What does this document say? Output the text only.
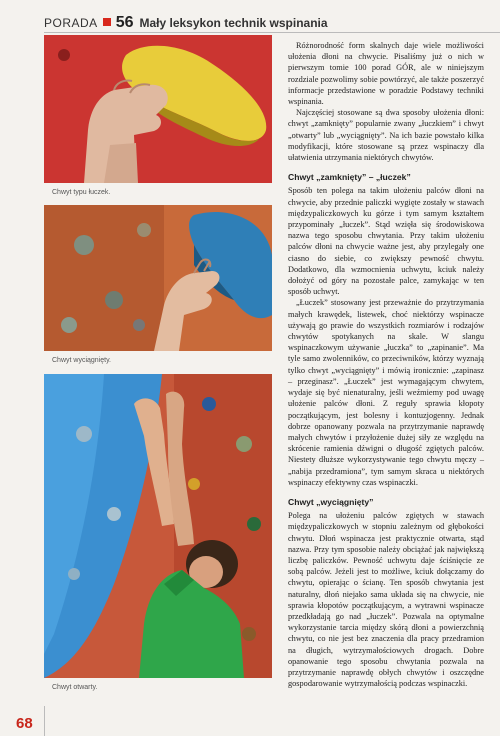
PORADA 56 Mały leksykon technik wspinania
Chwyt typu łuczek.
Chwyt wyciągnięty.
Chwyt otwarty.

Różnorodność form skalnych daje wiele możliwości ułożenia dłoni na chwycie. Pisaliśmy już o nich w pierwszym tomie 100 porad GÓR, ale w niniejszym rozdziale pozwolimy sobie powtórzyć, ale także poszerzyć informacje przedstawione w poradzie Podstawy techniki wspinania.

Najczęściej stosowane są dwa sposoby ułożenia dłoni: chwyt „zamknięty” popularnie zwany „łuczkiem” i chwyt „otwarty” lub „wyciągnięty”. Na ich bazie powstało kilka modyfikacji, które stosowane są przez wspinaczy dla ułatwienia utrzymania niektórych chwytów.

Chwyt „zamknięty” – „łuczek”

Sposób ten polega na takim ułożeniu palców dłoni na chwycie, aby przednie paliczki wygięte zostały w stawach międzypaliczkowych ku górze i tym samym kształtem przypominały „łuczek”. Stąd wzięła się środowiskowa nazwa tego sposobu chwytania. Przy takim ułożeniu palców dłoni na chwycie ważne jest, aby przylegały one ciasno do siebie, co zwiększy pewność chwytu. Dodatkowo, dla wzmocnienia uchwytu, kciuk należy dołożyć od góry na pozostałe palce, zamykając w ten sposób uchwyt.

„Łuczek” stosowany jest przeważnie do przytrzymania małych krawędek, listewek, choć niektórzy wspinacze używają go prawie do wszystkich rozmiarów i rodzajów chwytów spotykanych na skale. W slangu wspinaczkowym używanie „łuczka” to „zapinanie”. Ma tyle samo zwolenników, co przeciwników, którzy wyznają tylko chwyt „wyciągnięty” i mówią ironicznie: „zapinasz – przeginasz”. „Łuczek” jest wymagającym chwytem, wydaje się być nienaturalny, jeśli weźmiemy pod uwagę ułożenie palców dłoni. Z reguły sprawia kłopoty początkującym, jest bolesny i kontuzjogenny. Jednak dobrze opanowany pozwala na przytrzymanie naprawdę małych chwytów i przyłożenie dużej siły ze względu na skrócenie ramienia dźwigni o długość zgiętych palców. Niestety dłuższe wykorzystywanie tego chwytu męczy – „nabija przedramiona”, tym samym skraca u niektórych wspinaczy efektywny czas wspinaczki.

Chwyt „wyciągnięty”

Polega na ułożeniu palców zgiętych w stawach międzypaliczkowych w stopniu zależnym od głębokości chwytu. Dłoń wspinacza jest praktycznie otwarta, stąd nazwa. Przy tym sposobie należy obciążać jak największą liczbę paliczków. Pewność uchwytu daje ściśnięcie ze sobą palców. Jeżeli jest to możliwe, kciuk dołączamy do chwytu, opierając o ścianę. Ten sposób chwytania jest naturalny, dłoń niejako sama układa się na chwycie, nie sprawia kłopotów początkującym, a wytrawni wspinacze przedkładają go nad „łuczek”. Pozwala na optymalne wykorzystanie tarcia między skórą dłoni a powierzchnią chwytu, co nie jest bez znaczenia dla pracy przedramion na długich, wytrzymałościowych drogach. Dobre opanowanie tego sposobu chwytania pozwala na przytrzymanie naprawdę obłych chwytów i oszczędne gospodarowanie wytrzymałością podczas wspinaczki.

68
